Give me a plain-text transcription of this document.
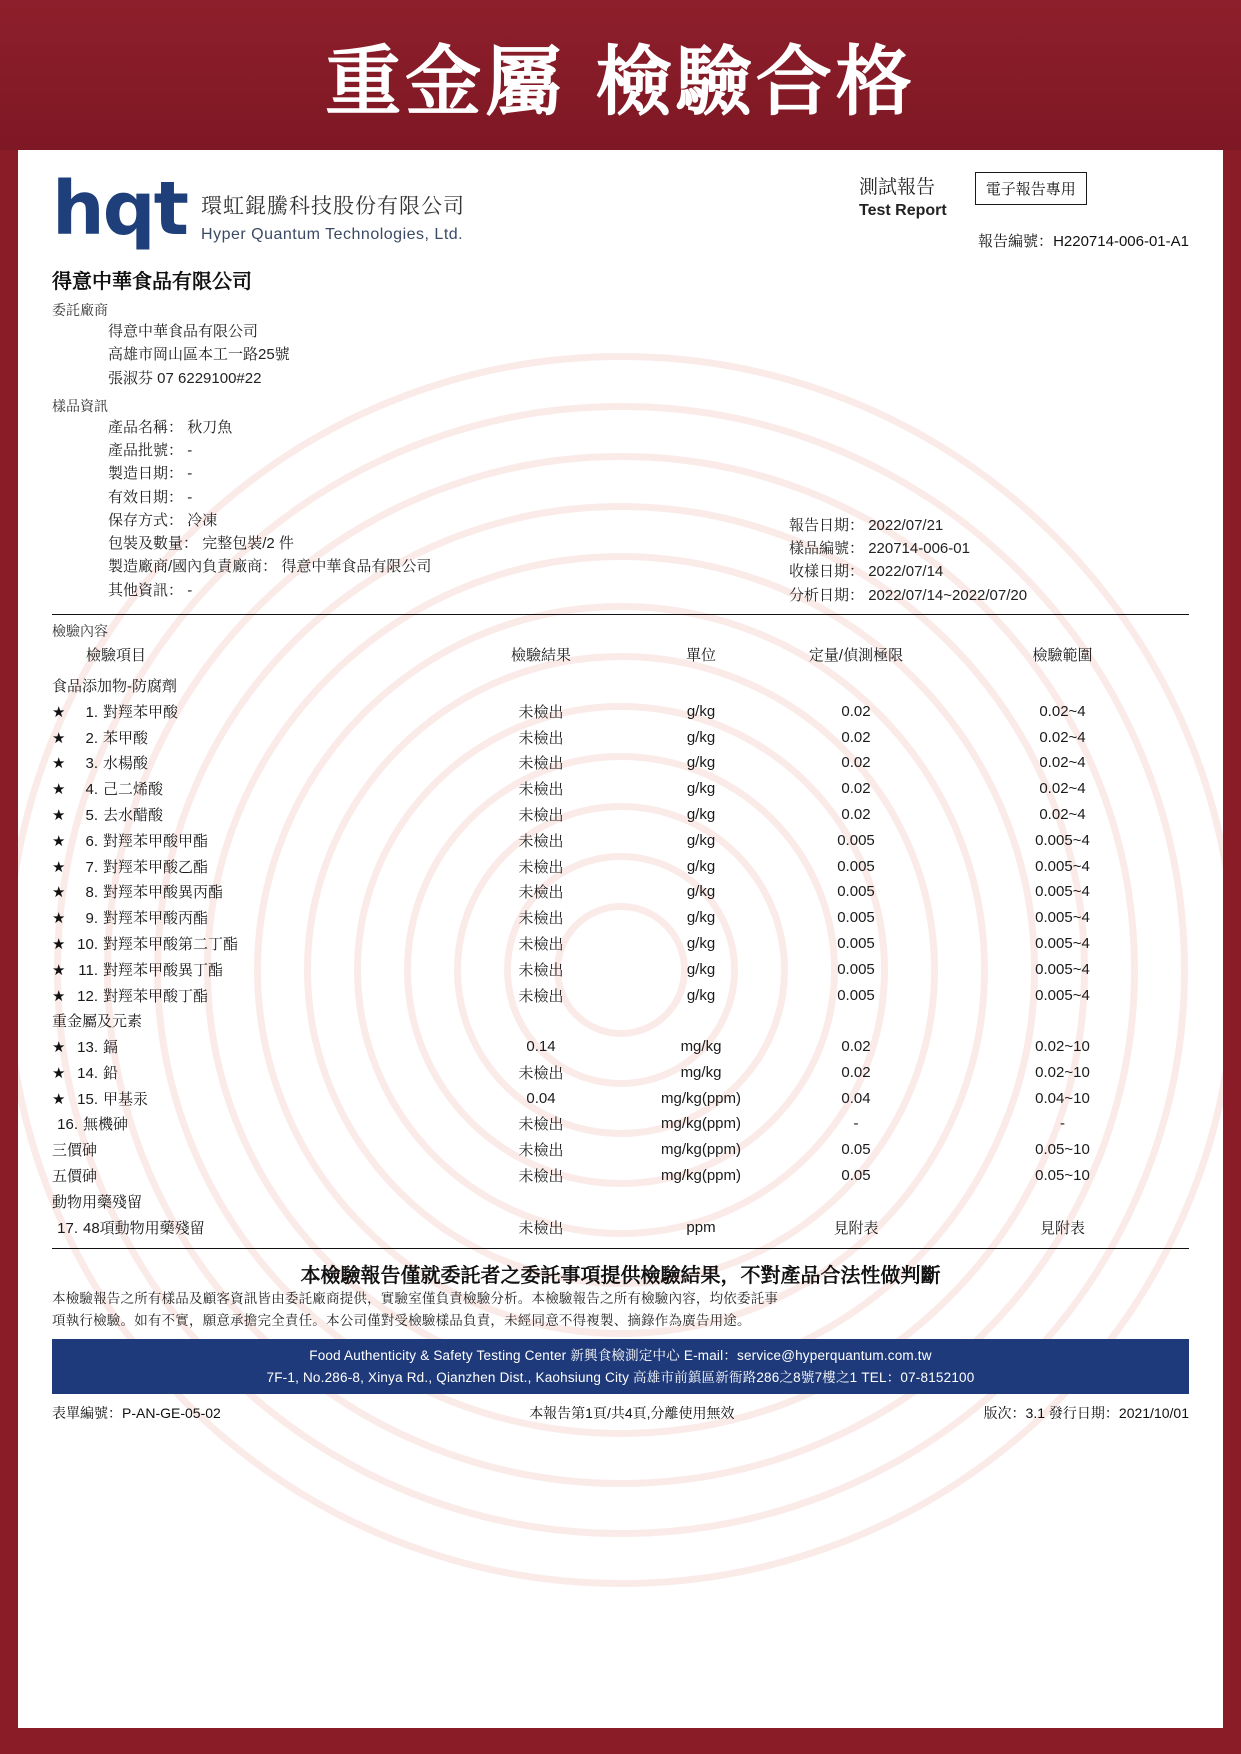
重金屬 檢驗合格
hqt 環虹錕騰科技股份有限公司
Hyper Quantum Technologies, Ltd.
測試報告
Test Report
電子報告專用
報告編號：H220714-006-01-A1
得意中華食品有限公司
委託廠商
得意中華食品有限公司
高雄市岡山區本工一路25號
張淑芬 07 6229100#22
樣品資訊
產品名稱： 秋刀魚
產品批號： -
製造日期： -
有效日期： -
保存方式： 冷凍
包裝及數量： 完整包裝/2 件
製造廠商/國內負責廠商： 得意中華食品有限公司
其他資訊： -
報告日期： 2022/07/21
樣品編號： 220714-006-01
收樣日期： 2022/07/14
分析日期： 2022/07/14~2022/07/20
檢驗內容
檢驗項目	檢驗結果	單位	定量/偵測極限	檢驗範圍
食品添加物-防腐劑				
★ 1. 對羥苯甲酸	未檢出	g/kg	0.02	0.02~4
★ 2. 苯甲酸	未檢出	g/kg	0.02	0.02~4
★ 3. 水楊酸	未檢出	g/kg	0.02	0.02~4
★ 4. 己二烯酸	未檢出	g/kg	0.02	0.02~4
★ 5. 去水醋酸	未檢出	g/kg	0.02	0.02~4
★ 6. 對羥苯甲酸甲酯	未檢出	g/kg	0.005	0.005~4
★ 7. 對羥苯甲酸乙酯	未檢出	g/kg	0.005	0.005~4
★ 8. 對羥苯甲酸異丙酯	未檢出	g/kg	0.005	0.005~4
★ 9. 對羥苯甲酸丙酯	未檢出	g/kg	0.005	0.005~4
★ 10. 對羥苯甲酸第二丁酯	未檢出	g/kg	0.005	0.005~4
★ 11. 對羥苯甲酸異丁酯	未檢出	g/kg	0.005	0.005~4
★ 12. 對羥苯甲酸丁酯	未檢出	g/kg	0.005	0.005~4
重金屬及元素				
★ 13. 鎘	0.14	mg/kg	0.02	0.02~10
★ 14. 鉛	未檢出	mg/kg	0.02	0.02~10
★ 15. 甲基汞	0.04	mg/kg(ppm)	0.04	0.04~10
16. 無機砷	未檢出	mg/kg(ppm)	-	-
三價砷	未檢出	mg/kg(ppm)	0.05	0.05~10
五價砷	未檢出	mg/kg(ppm)	0.05	0.05~10
動物用藥殘留				
17. 48項動物用藥殘留	未檢出	ppm	見附表	見附表
本檢驗報告僅就委託者之委託事項提供檢驗結果，不對產品合法性做判斷
本檢驗報告之所有樣品及顧客資訊皆由委託廠商提供，實驗室僅負責檢驗分析。本檢驗報告之所有檢驗內容，均依委託事
項執行檢驗。如有不實，願意承擔完全責任。本公司僅對受檢驗樣品負責，未經同意不得複製、摘錄作為廣告用途。
Food Authenticity & Safety Testing Center 新興食檢測定中心 E-mail：service@hyperquantum.com.tw
7F-1, No.286-8, Xinya Rd., Qianzhen Dist., Kaohsiung City 高雄市前鎮區新衙路286之8號7樓之1 TEL：07-8152100
表單編號：P-AN-GE-05-02	本報告第1頁/共4頁,分離使用無效	版次：3.1 發行日期：2021/10/01
